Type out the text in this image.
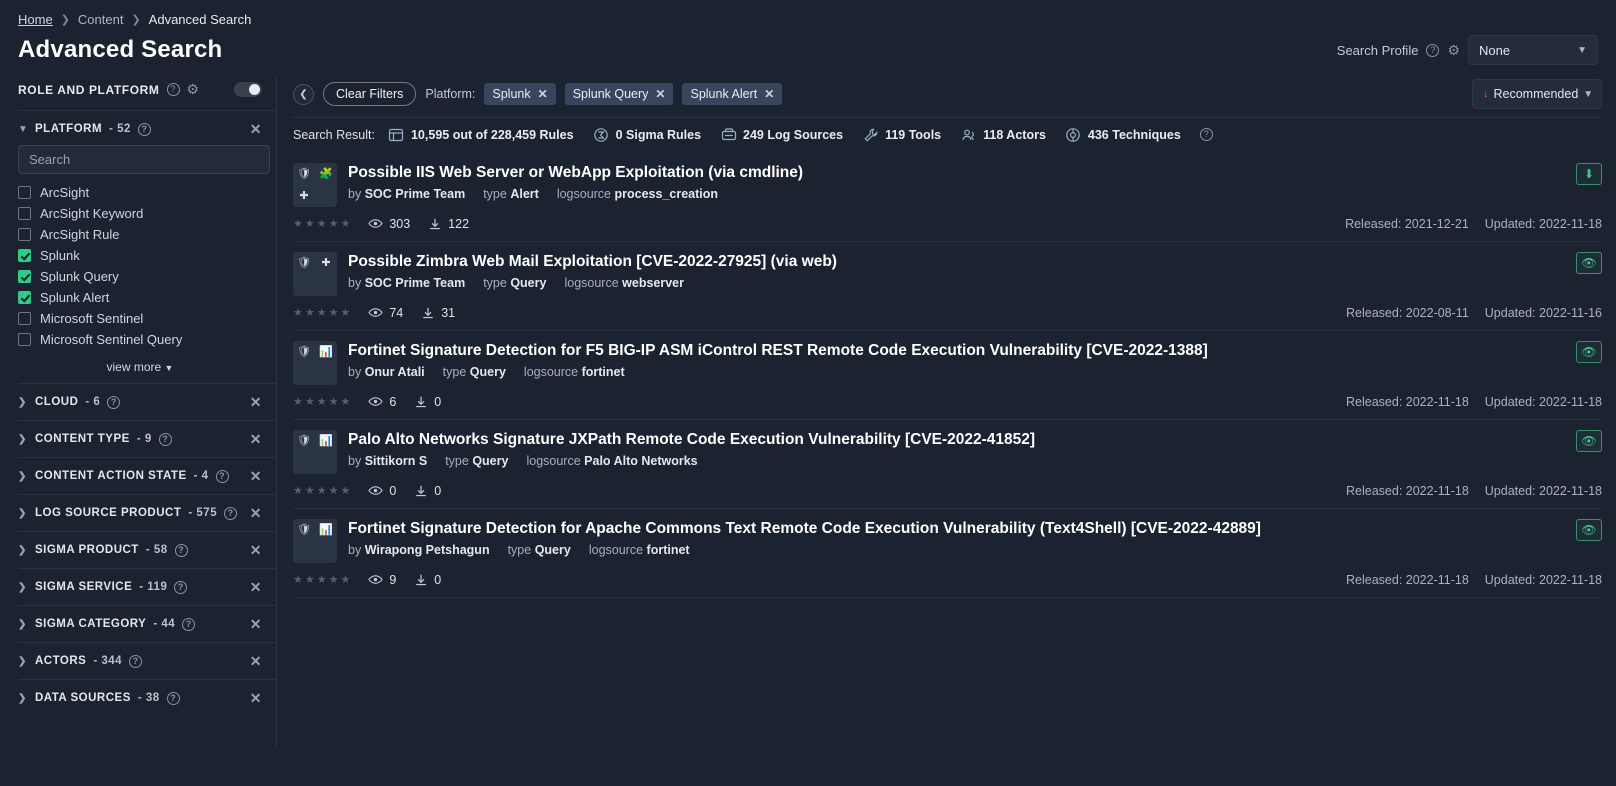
Home ❯ Content ❯ Advanced Search
Advanced Search	Search Profile	? ⚙ None	▼
ROLE AND PLATFORM	? ⚙
▼ PLATFORM - 52	?	✕
Search
ArcSight
ArcSight Keyword
ArcSight Rule
Splunk
Splunk Query
Splunk Alert
Microsoft Sentinel
Microsoft Sentinel Query
view more ▼
❯ CLOUD - 6	?	✕
❯ CONTENT TYPE - 9	?	✕
❯ CONTENT ACTION STATE - 4	? ✕
❯ LOG SOURCE PRODUCT - 575	? ✕
❯ SIGMA PRODUCT - 58	?	✕
❯ SIGMA SERVICE - 119	?	✕
❯ SIGMA CATEGORY - 44	?	✕
❯ ACTORS - 344	?	✕
❯ DATA SOURCES - 38	?	✕
❮	Clear Filters	Platform: Splunk ✕ Splunk Query ✕ Splunk Alert ✕	↓ Recommended ▼
Search Result:	10,595 out of 228,459 Rules	0 Sigma Rules	249 Log Sources	119 Tools	118 Actors	436 Techniques	?
🛡 🧩
✚
Possible IIS Web Server or WebApp Exploitation (via cmdline)
by SOC Prime Team type Alert logsource process_creation
⬇
★★★★★	303	122	Released: 2021-12-21 Updated: 2022-11-18
🛡 ✚ Possible Zimbra Web Mail Exploitation [CVE-2022-27925] (via web)
by SOC Prime Team type Query logsource webserver
👁
★★★★★	74	31	Released: 2022-08-11 Updated: 2022-11-16
🛡 📊 Fortinet Signature Detection for F5 BIG-IP ASM iControl REST Remote Code Execution Vulnerability [CVE-2022-1388]
by Onur Atali type Query logsource fortinet
👁
★★★★★	6	0	Released: 2022-11-18 Updated: 2022-11-18
🛡 📊 Palo Alto Networks Signature JXPath Remote Code Execution Vulnerability [CVE-2022-41852]
by Sittikorn S type Query logsource Palo Alto Networks
👁
★★★★★	0	0	Released: 2022-11-18 Updated: 2022-11-18
🛡 📊 Fortinet Signature Detection for Apache Commons Text Remote Code Execution Vulnerability (Text4Shell) [CVE-2022-42889]
by Wirapong Petshagun type Query logsource fortinet
👁
★★★★★	9	0	Released: 2022-11-18 Updated: 2022-11-18
